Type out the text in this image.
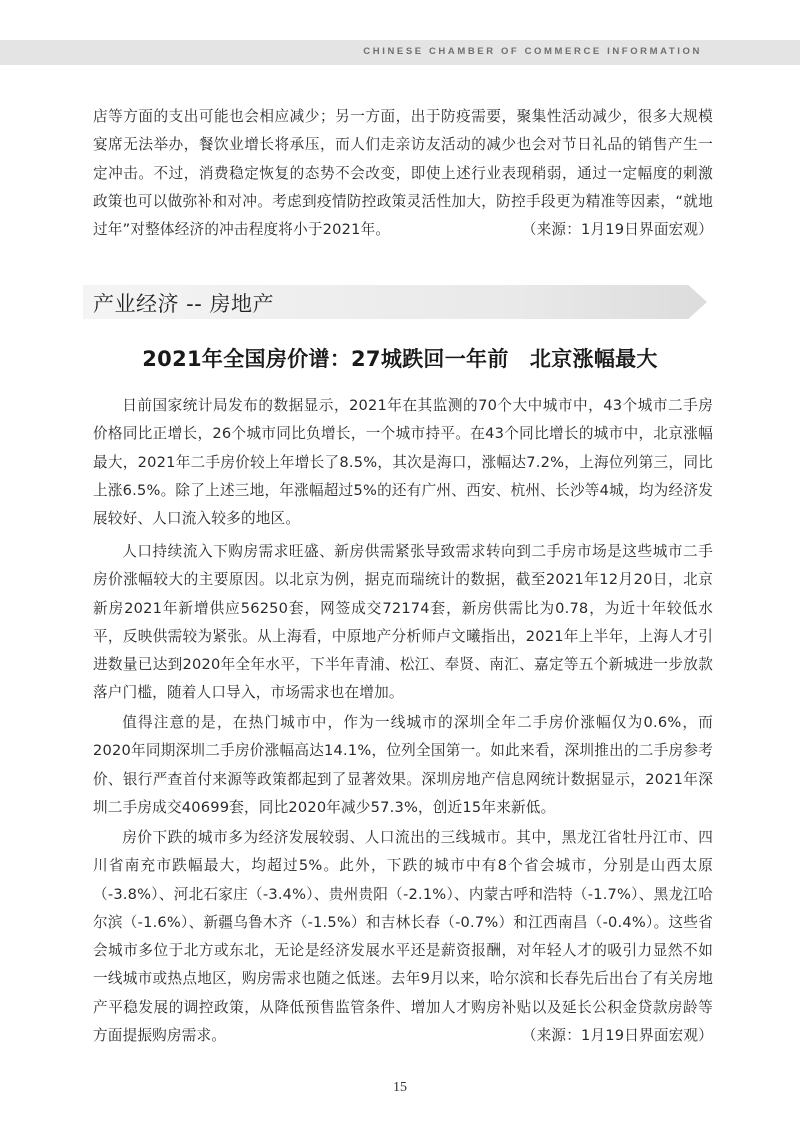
CHINESE CHAMBER OF COMMERCE INFORMATION

店等方面的支出可能也会相应减少；另一方面，出于防疫需要，聚集性活动减少，很多大规模宴席无法举办，餐饮业增长将承压，而人们走亲访友活动的减少也会对节日礼品的销售产生一定冲击。不过，消费稳定恢复的态势不会改变，即使上述行业表现稍弱，通过一定幅度的刺激政策也可以做弥补和对冲。考虑到疫情防控政策灵活性加大，防控手段更为精准等因素，“就地过年”对整体经济的冲击程度将小于2021年。	（来源：1月19日界面宏观）

产业经济 -- 房地产
2021年全国房价谱：27城跌回一年前　北京涨幅最大

日前国家统计局发布的数据显示，2021年在其监测的70个大中城市中，43个城市二手房价格同比正增长，26个城市同比负增长，一个城市持平。在43个同比增长的城市中，北京涨幅最大，2021年二手房价较上年增长了8.5%，其次是海口，涨幅达7.2%，上海位列第三，同比上涨6.5%。除了上述三地，年涨幅超过5%的还有广州、西安、杭州、长沙等4城，均为经济发展较好、人口流入较多的地区。

人口持续流入下购房需求旺盛、新房供需紧张导致需求转向到二手房市场是这些城市二手房价涨幅较大的主要原因。以北京为例，据克而瑞统计的数据，截至2021年12月20日，北京新房2021年新增供应56250套，网签成交72174套，新房供需比为0.78，为近十年较低水平，反映供需较为紧张。从上海看，中原地产分析师卢文曦指出，2021年上半年，上海人才引进数量已达到2020年全年水平，下半年青浦、松江、奉贤、南汇、嘉定等五个新城进一步放款落户门槛，随着人口导入，市场需求也在增加。

值得注意的是，在热门城市中，作为一线城市的深圳全年二手房价涨幅仅为0.6%，而2020年同期深圳二手房价涨幅高达14.1%，位列全国第一。如此来看，深圳推出的二手房参考价、银行严查首付来源等政策都起到了显著效果。深圳房地产信息网统计数据显示，2021年深圳二手房成交40699套，同比2020年减少57.3%，创近15年来新低。

房价下跌的城市多为经济发展较弱、人口流出的三线城市。其中，黑龙江省牡丹江市、四川省南充市跌幅最大，均超过5%。此外，下跌的城市中有8个省会城市，分别是山西太原（-3.8%）、河北石家庄（-3.4%）、贵州贵阳（-2.1%）、内蒙古呼和浩特（-1.7%）、黑龙江哈尔滨（-1.6%）、新疆乌鲁木齐（-1.5%）和吉林长春（-0.7%）和江西南昌（-0.4%）。这些省会城市多位于北方或东北，无论是经济发展水平还是薪资报酬，对年轻人才的吸引力显然不如一线城市或热点地区，购房需求也随之低迷。去年9月以来，哈尔滨和长春先后出台了有关房地产平稳发展的调控政策，从降低预售监管条件、增加人才购房补贴以及延长公积金贷款房龄等方面提振购房需求。	（来源：1月19日界面宏观）

15
